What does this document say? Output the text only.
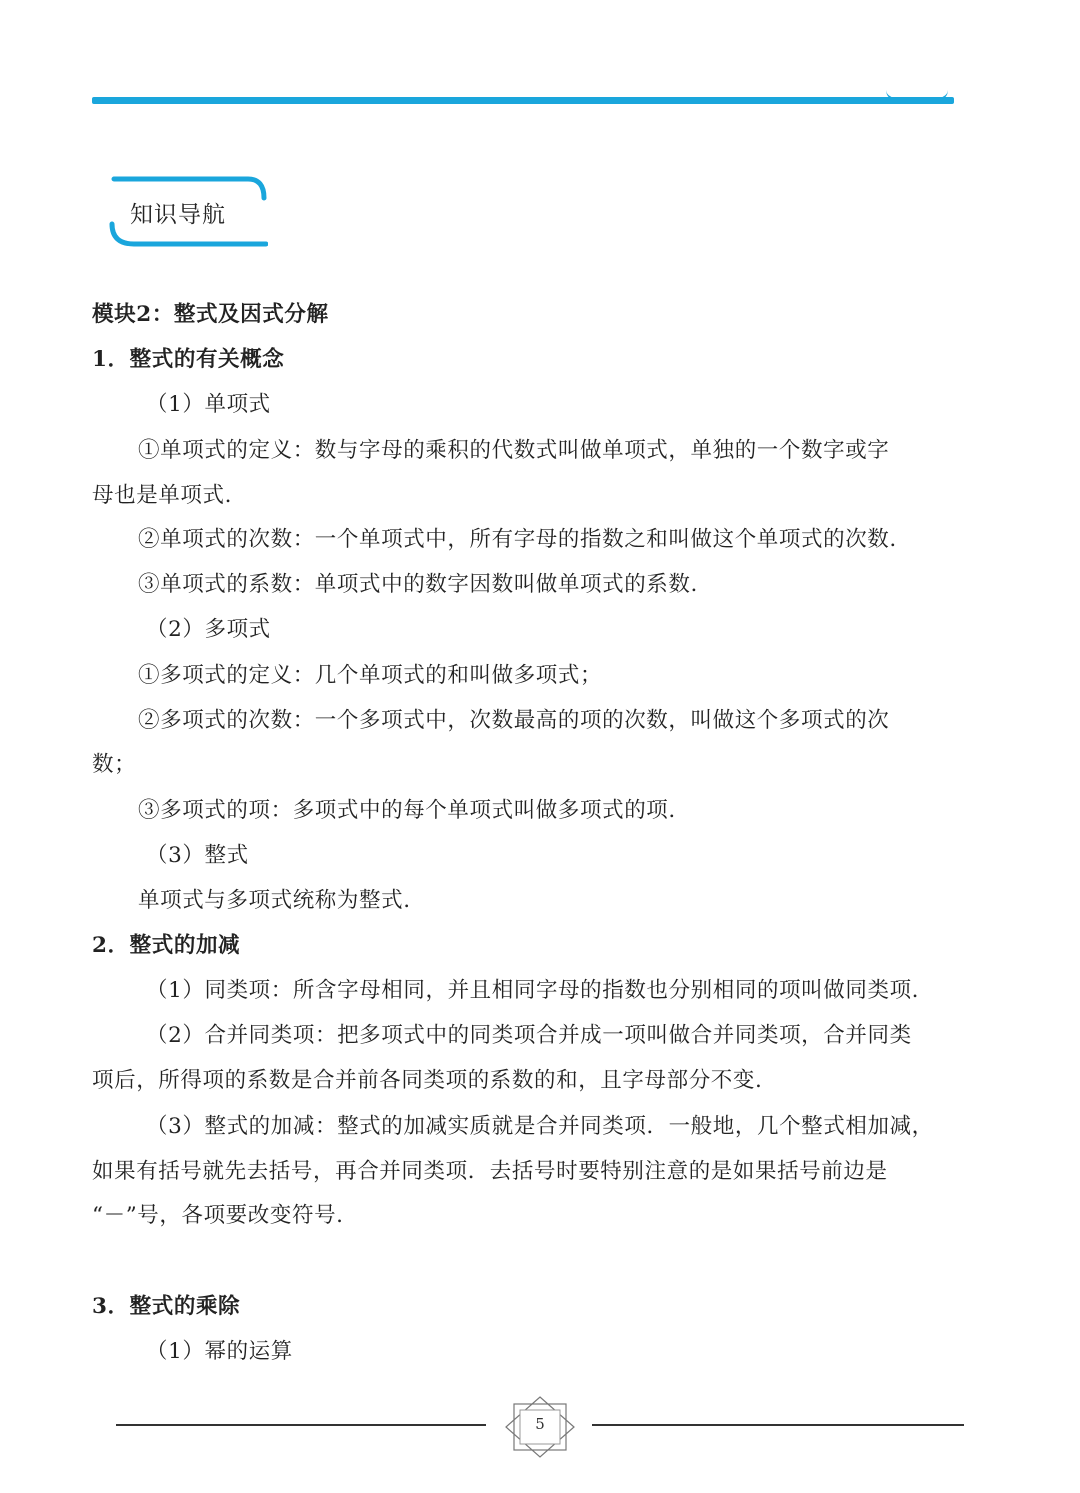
知识导航
模块2：整式及因式分解
1．整式的有关概念
（1）单项式
①单项式的定义：数与字母的乘积的代数式叫做单项式，单独的一个数字或字
母也是单项式.
②单项式的次数：一个单项式中，所有字母的指数之和叫做这个单项式的次数.
③单项式的系数：单项式中的数字因数叫做单项式的系数.
（2）多项式
①多项式的定义：几个单项式的和叫做多项式；
②多项式的次数：一个多项式中，次数最高的项的次数，叫做这个多项式的次
数；
③多项式的项：多项式中的每个单项式叫做多项式的项.
（3）整式
单项式与多项式统称为整式.
2．整式的加减
（1）同类项：所含字母相同，并且相同字母的指数也分别相同的项叫做同类项.
（2）合并同类项：把多项式中的同类项合并成一项叫做合并同类项，合并同类
项后，所得项的系数是合并前各同类项的系数的和，且字母部分不变.
（3）整式的加减：整式的加减实质就是合并同类项．一般地，几个整式相加减，
如果有括号就先去括号，再合并同类项．去括号时要特别注意的是如果括号前边是
“－”号，各项要改变符号.
3．整式的乘除
（1）幂的运算
5
